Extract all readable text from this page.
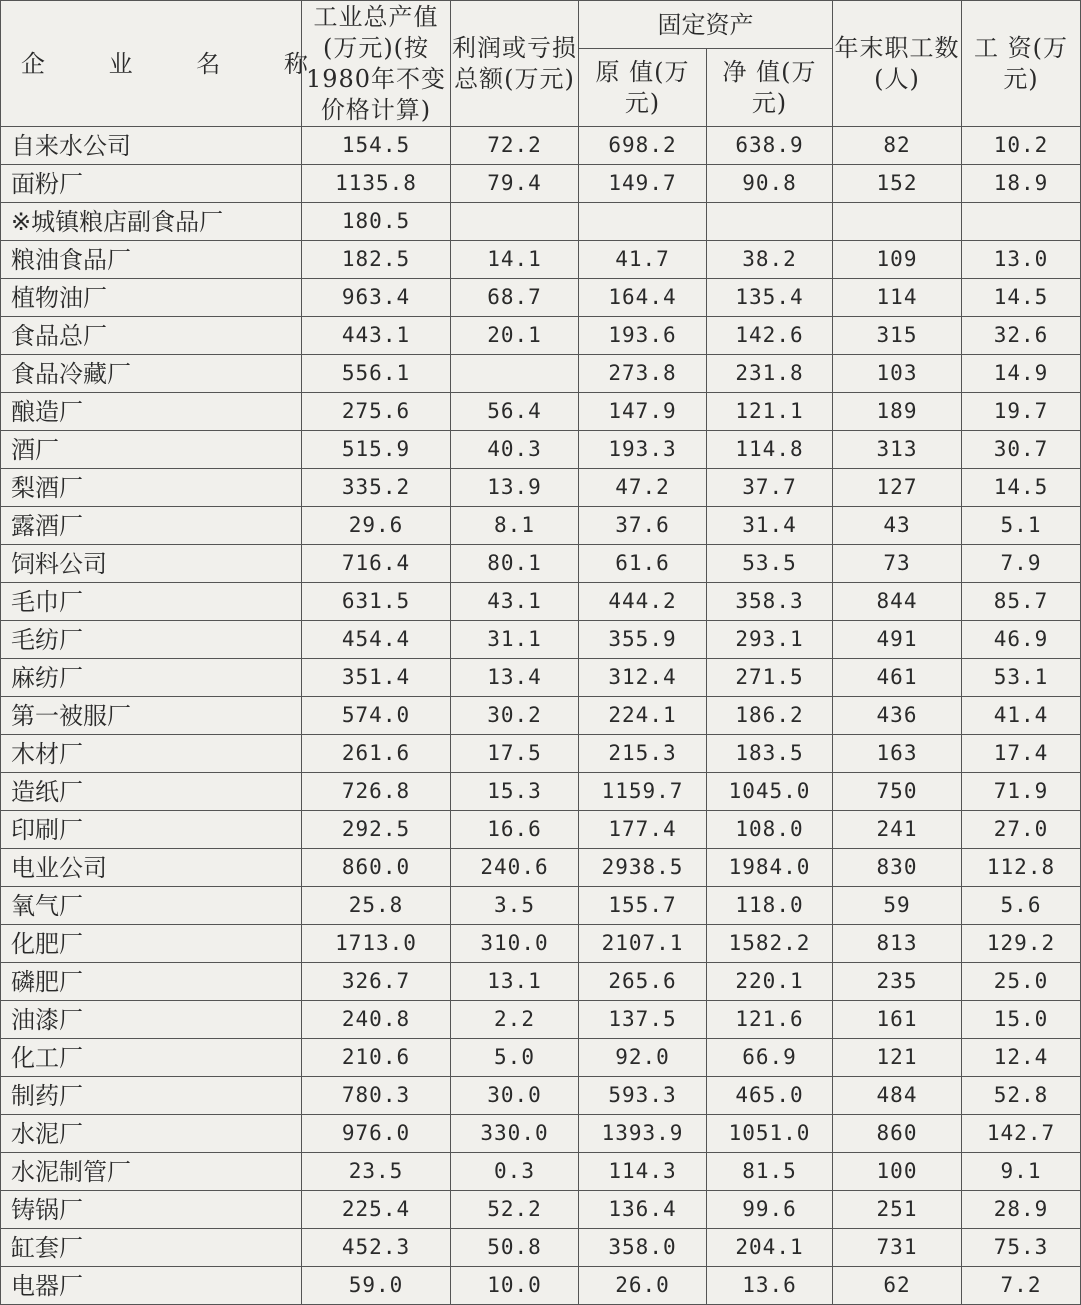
企 业 名 称	工业总产值(万元)(按1980年不变价格计算)	利润或亏损总额(万元)	固定资产		年末职工数(人)	工 资(万元)
			原 值(万元)	净 值(万元)		
自来水公司	154.5	72.2	698.2	638.9	82	10.2
面粉厂	1135.8	79.4	149.7	90.8	152	18.9
※城镇粮店副食品厂	180.5					
粮油食品厂	182.5	14.1	41.7	38.2	109	13.0
植物油厂	963.4	68.7	164.4	135.4	114	14.5
食品总厂	443.1	20.1	193.6	142.6	315	32.6
食品冷藏厂	556.1		273.8	231.8	103	14.9
酿造厂	275.6	56.4	147.9	121.1	189	19.7
酒厂	515.9	40.3	193.3	114.8	313	30.7
梨酒厂	335.2	13.9	47.2	37.7	127	14.5
露酒厂	29.6	8.1	37.6	31.4	43	5.1
饲料公司	716.4	80.1	61.6	53.5	73	7.9
毛巾厂	631.5	43.1	444.2	358.3	844	85.7
毛纺厂	454.4	31.1	355.9	293.1	491	46.9
麻纺厂	351.4	13.4	312.4	271.5	461	53.1
第一被服厂	574.0	30.2	224.1	186.2	436	41.4
木材厂	261.6	17.5	215.3	183.5	163	17.4
造纸厂	726.8	15.3	1159.7	1045.0	750	71.9
印刷厂	292.5	16.6	177.4	108.0	241	27.0
电业公司	860.0	240.6	2938.5	1984.0	830	112.8
氧气厂	25.8	3.5	155.7	118.0	59	5.6
化肥厂	1713.0	310.0	2107.1	1582.2	813	129.2
磷肥厂	326.7	13.1	265.6	220.1	235	25.0
油漆厂	240.8	2.2	137.5	121.6	161	15.0
化工厂	210.6	5.0	92.0	66.9	121	12.4
制药厂	780.3	30.0	593.3	465.0	484	52.8
水泥厂	976.0	330.0	1393.9	1051.0	860	142.7
水泥制管厂	23.5	0.3	114.3	81.5	100	9.1
铸锅厂	225.4	52.2	136.4	99.6	251	28.9
缸套厂	452.3	50.8	358.0	204.1	731	75.3
电器厂	59.0	10.0	26.0	13.6	62	7.2
